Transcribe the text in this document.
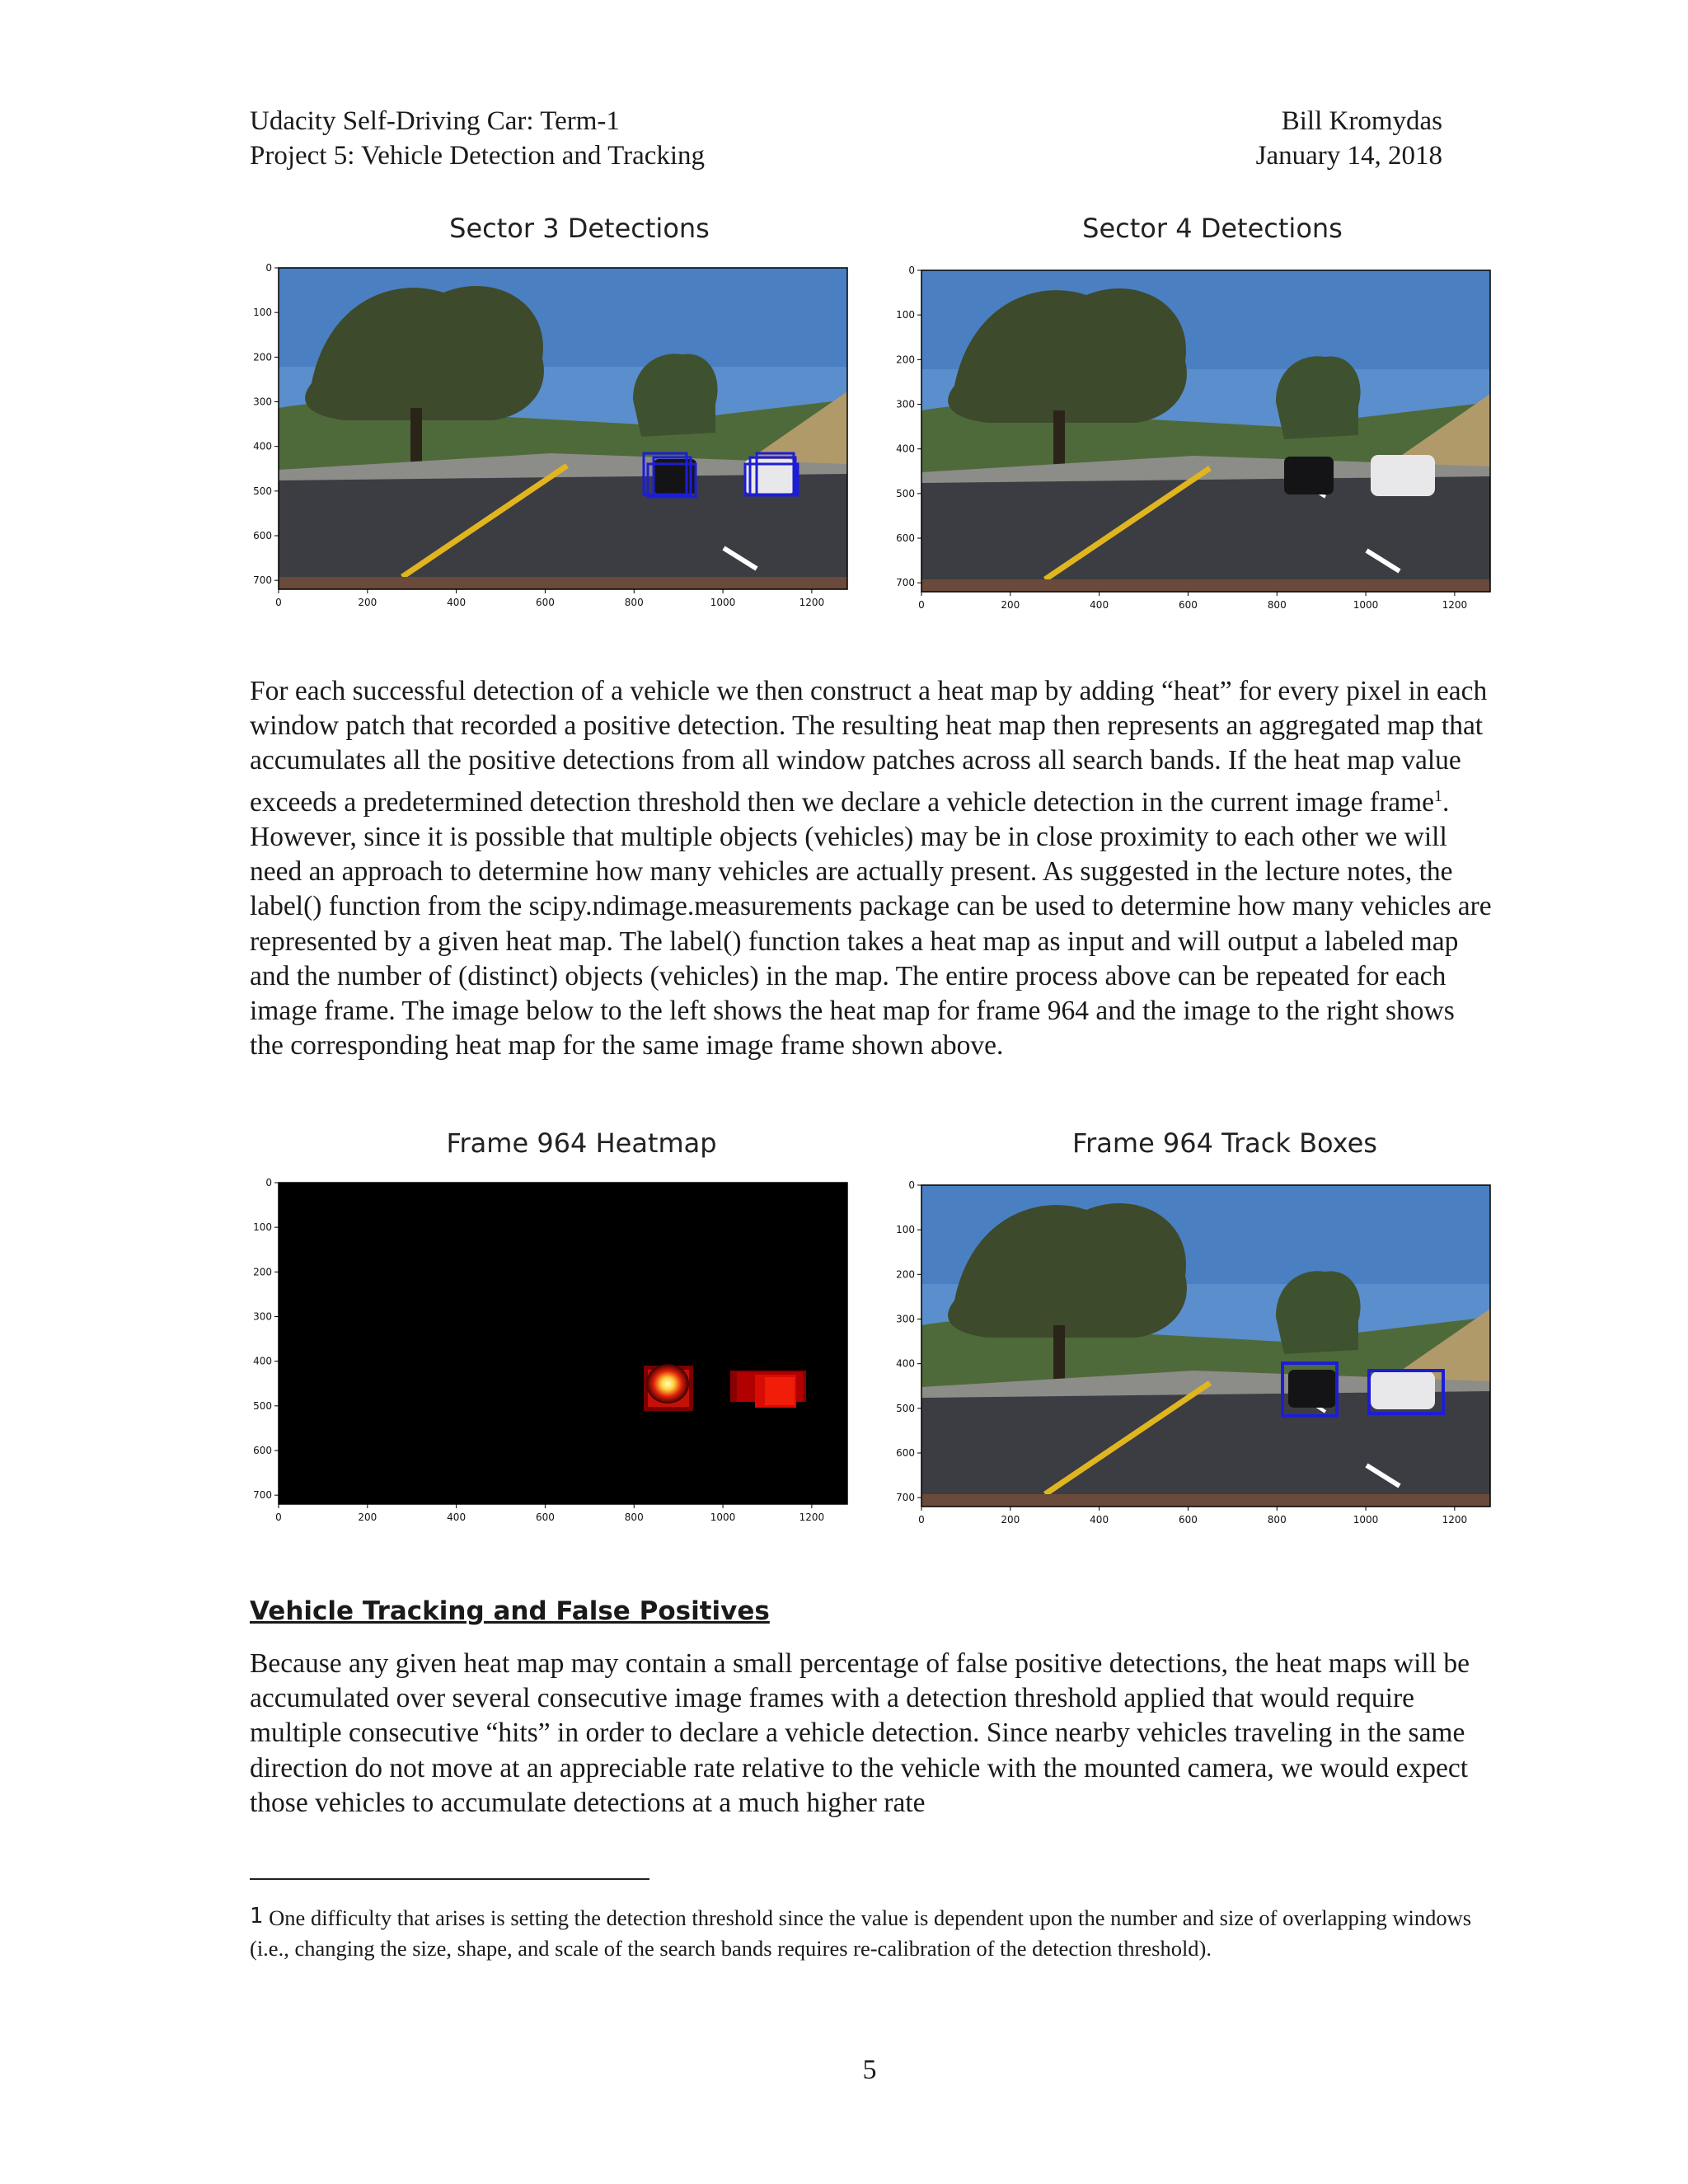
Udacity Self-Driving Car: Term-1
Project 5: Vehicle Detection and Tracking
Bill Kromydas
January 14, 2018
Sector 3 Detections	Sector 4 Detections
0
100
200
300
400
500
600
700
0	200	400	600	800	1000	1200
0
100
200
300
400
500
600
700
0	200	400	600	800	1000	1200

For each successful detection of a vehicle we then construct a heat map by adding “heat” for every pixel in each window patch that recorded a positive detection. The resulting heat map then represents an aggregated map that accumulates all the positive detections from all window patches across all search bands. If the heat map value exceeds a predetermined detection threshold then we declare a vehicle detection in the current image frame$^1$. However, since it is possible that multiple objects (vehicles) may be in close proximity to each other we will need an approach to determine how many vehicles are actually present. As suggested in the lecture notes, the label() function from the scipy.ndimage.measurements package can be used to determine how many vehicles are represented by a given heat map. The label() function takes a heat map as input and will output a labeled map and the number of (distinct) objects (vehicles) in the map. The entire process above can be repeated for each image frame. The image below to the left shows the heat map for frame 964 and the image to the right shows the corresponding heat map for the same image frame shown above.

Frame 964 Heatmap	Frame 964 Track Boxes
0
100
200
300
400
500
600
700
0	200	400	600	800	1000	1200
0
100
200
300
400
500
600
700
0	200	400	600	800	1000	1200
Vehicle Tracking and False Positives

Because any given heat map may contain a small percentage of false positive detections, the heat maps will be accumulated over several consecutive image frames with a detection threshold applied that would require multiple consecutive “hits” in order to declare a vehicle detection. Since nearby vehicles traveling in the same direction do not move at an appreciable rate relative to the vehicle with the mounted camera, we would expect those vehicles to accumulate detections at a much higher rate

1 One difficulty that arises is setting the detection threshold since the value is dependent upon the number and size of overlapping windows (i.e., changing the size, shape, and scale of the search bands requires re-calibration of the detection threshold).
5
